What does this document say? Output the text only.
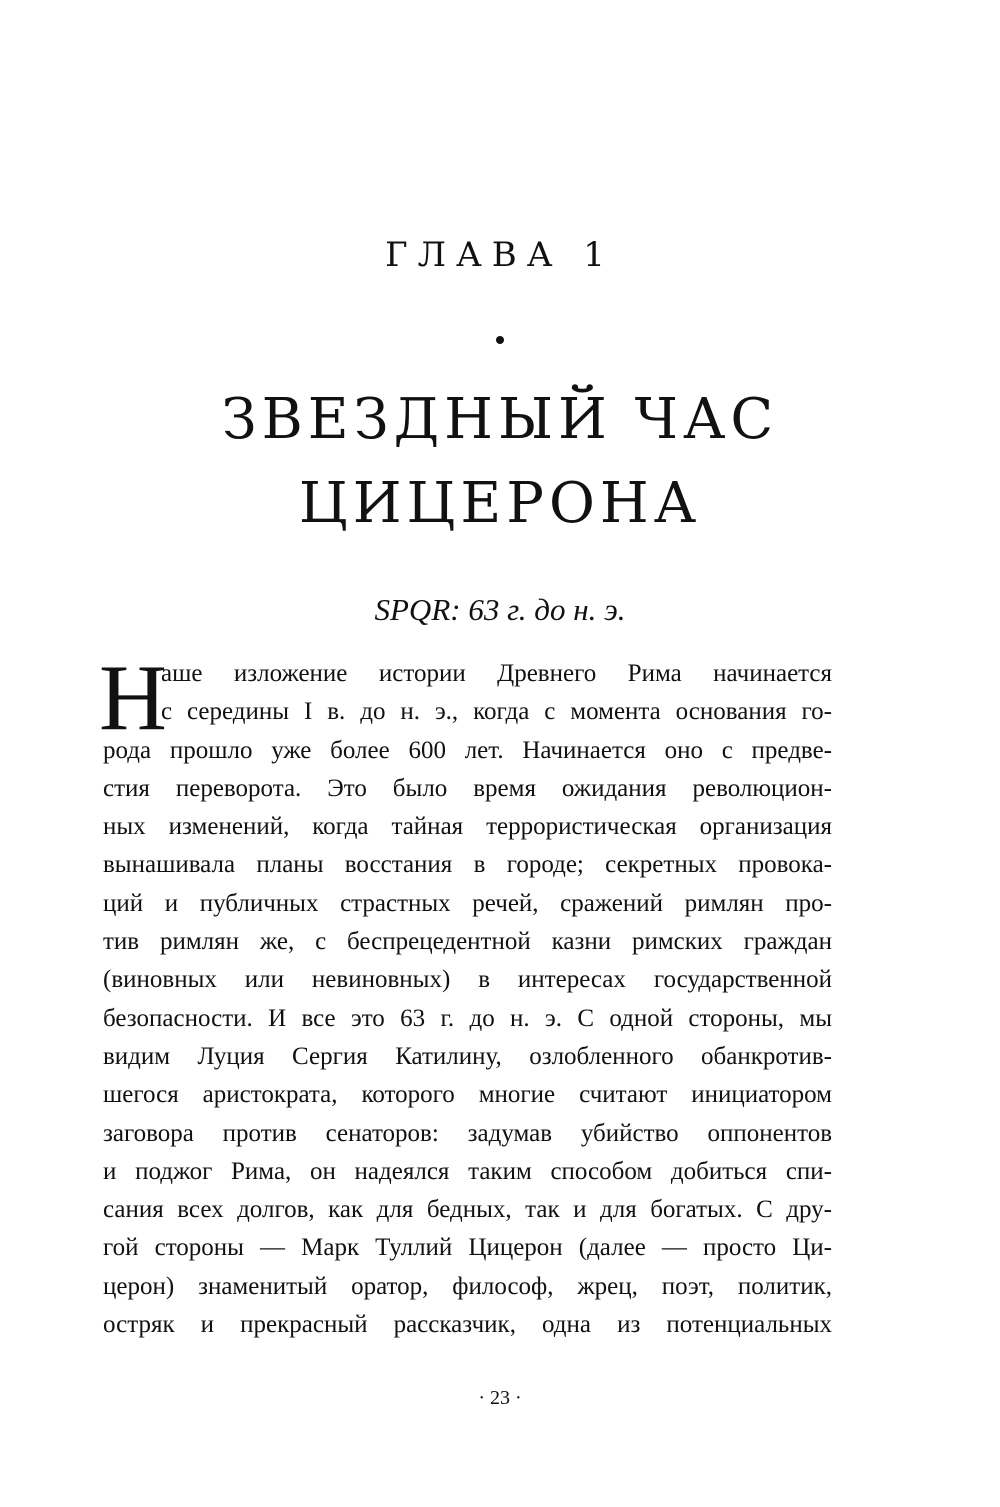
ГЛАВА 1
ЗВЕЗДНЫЙ ЧАС
ЦИЦЕРОНА

SPQR: 63 г. до н. э.

Н
аше изложение истории Древнего Рима начинается
с середины I в. до н. э., когда с момента основания го-
рода прошло уже более 600 лет. Начинается оно с предве-
стия переворота. Это было время ожидания революцион-
ных изменений, когда тайная террористическая организация
вынашивала планы восстания в городе; секретных провока-
ций и публичных страстных речей, сражений римлян про-
тив римлян же, с беспрецедентной казни римских граждан
(виновных или невиновных) в интересах государственной
безопасности. И все это 63 г. до н. э. С одной стороны, мы
видим Луция Сергия Катилину, озлобленного обанкротив-
шегося аристократа, которого многие считают инициатором
заговора против сенаторов: задумав убийство оппонентов
и поджог Рима, он надеялся таким способом добиться спи-
сания всех долгов, как для бедных, так и для богатых. С дру-
гой стороны — Марк Туллий Цицерон (далее — просто Ци-
церон) знаменитый оратор, философ, жрец, поэт, политик,
остряк и прекрасный рассказчик, одна из потенциальных

· 23 ·
